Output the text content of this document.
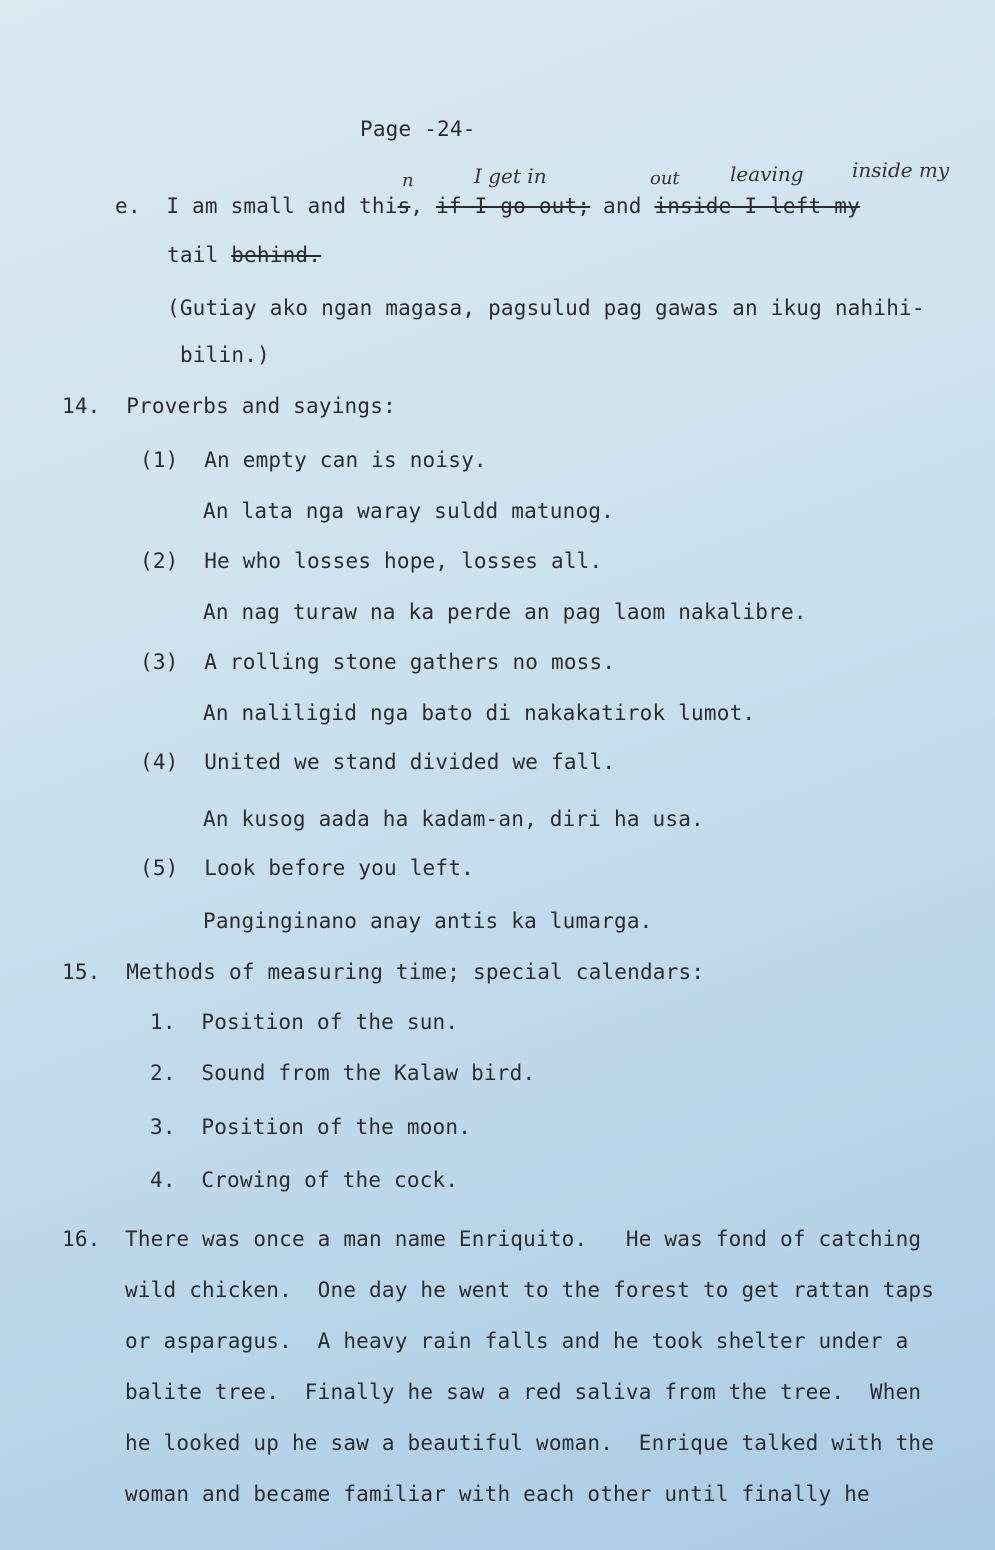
Page -24-
n	I get in	out	leaving inside my
e. I am small and this, if I go out; and inside I left my
tail behind.
(Gutiay ako ngan magasa, pagsulud pag gawas an ikug nahihi-
bilin.)
14. Proverbs and sayings:
(1) An empty can is noisy.
An lata nga waray suldd matunog.
(2) He who losses hope, losses all.
An nag turaw na ka perde an pag laom nakalibre.
(3) A rolling stone gathers no moss.
An naliligid nga bato di nakakatirok lumot.
(4) United we stand divided we fall.
An kusog aada ha kadam-an, diri ha usa.
(5) Look before you left.
Panginginano anay antis ka lumarga.
15. Methods of measuring time; special calendars:
1. Position of the sun.
2. Sound from the Kalaw bird.
3. Position of the moon.
4. Crowing of the cock.
16. There was once a man name Enriquito.   He was fond of catching
wild chicken.  One day he went to the forest to get rattan taps
or asparagus.  A heavy rain falls and he took shelter under a
balite tree.  Finally he saw a red saliva from the tree.  When
he looked up he saw a beautiful woman.  Enrique talked with the
woman and became familiar with each other until finally he
